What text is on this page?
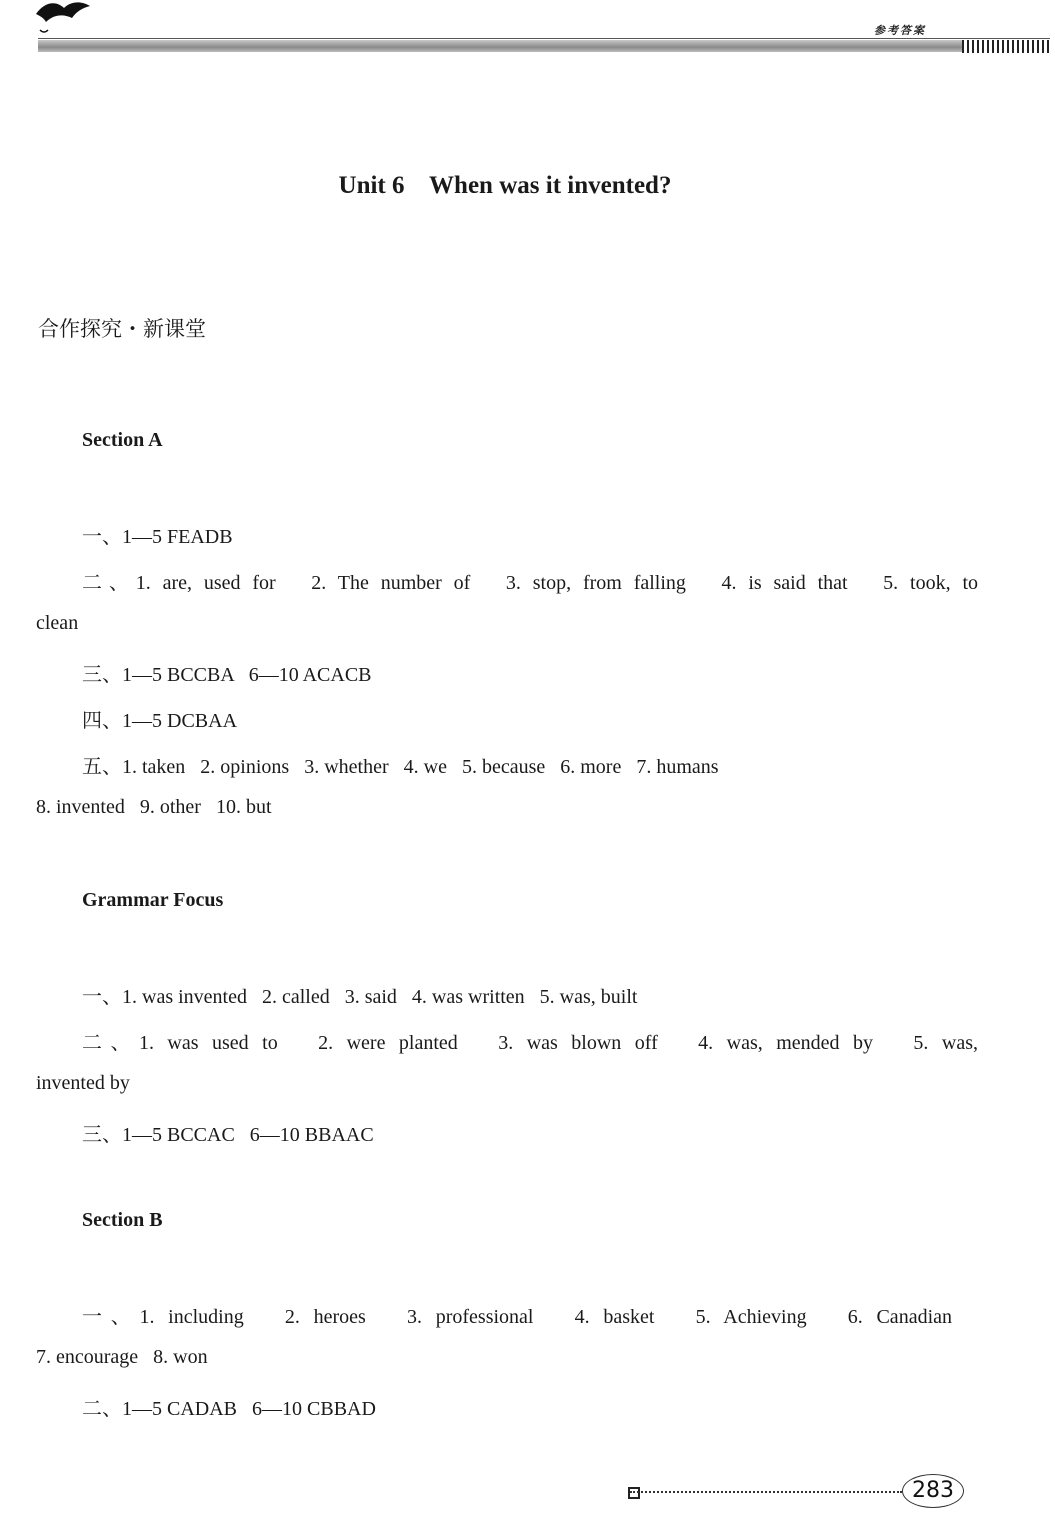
参考答案
Unit 6    When was it invented?
合作探究・新课堂
Section A
一、1—5 FEADB
二、1. are, used for   2. The number of   3. stop, from falling   4. is said that   5. took, to
clean
三、1—5 BCCBA   6—10 ACACB
四、1—5 DCBAA
五、1. taken   2. opinions   3. whether   4. we   5. because   6. more   7. humans
8. invented   9. other   10. but
Grammar Focus
一、1. was invented   2. called   3. said   4. was written   5. was, built
二、1. was used to   2. were planted   3. was blown off   4. was, mended by   5. was,
invented by
三、1—5 BCCAC   6—10 BBAAC
Section B
一、1. including   2. heroes   3. professional   4. basket   5. Achieving   6. Canadian
7. encourage   8. won
二、1—5 CADAB   6—10 CBBAD
283
